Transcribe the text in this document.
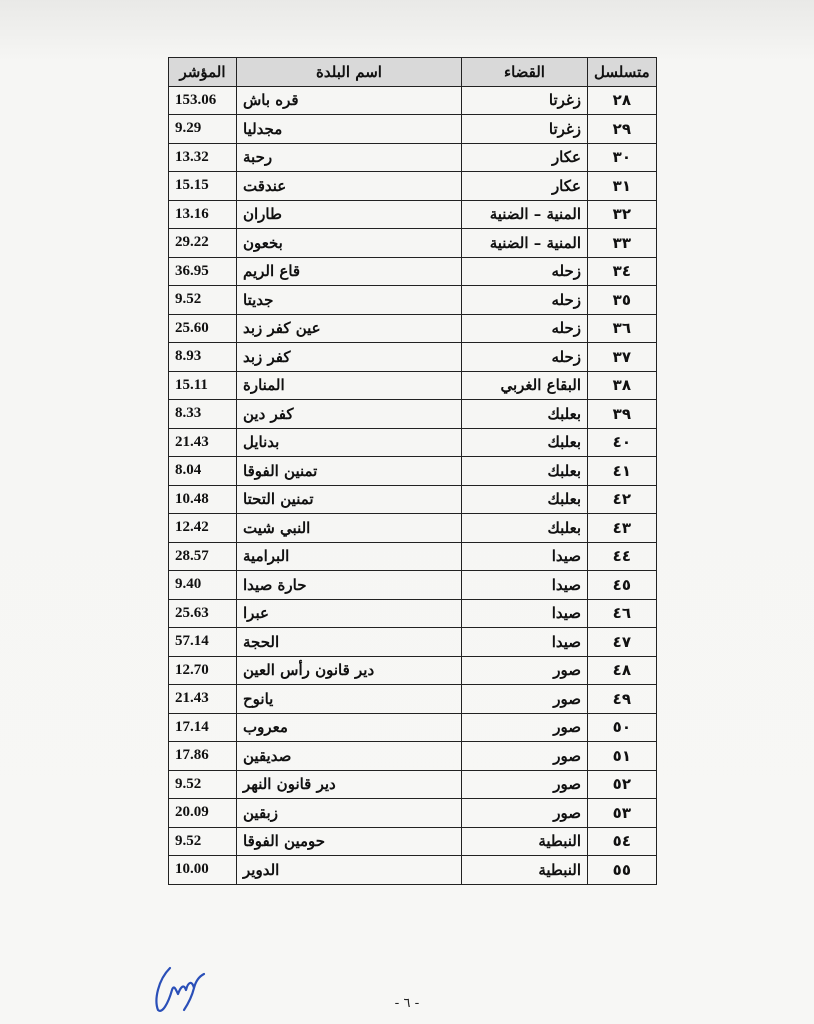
متسلسل	القضاء	اسم البلدة	المؤشر
٢٨	زغرتا	قره باش	153.06
٢٩	زغرتا	مجدليا	9.29
٣٠	عكار	رحبة	13.32
٣١	عكار	عندقت	15.15
٣٢	المنية – الضنية	طاران	13.16
٣٣	المنية – الضنية	بخعون	29.22
٣٤	زحله	قاع الريم	36.95
٣٥	زحله	جديتا	9.52
٣٦	زحله	عين كفر زبد	25.60
٣٧	زحله	كفر زبد	8.93
٣٨	البقاع الغربي	المنارة	15.11
٣٩	بعلبك	كفر دين	8.33
٤٠	بعلبك	بدنايل	21.43
٤١	بعلبك	تمنين الفوقا	8.04
٤٢	بعلبك	تمنين التحتا	10.48
٤٣	بعلبك	النبي شيت	12.42
٤٤	صيدا	البرامية	28.57
٤٥	صيدا	حارة صيدا	9.40
٤٦	صيدا	عبرا	25.63
٤٧	صيدا	الحجة	57.14
٤٨	صور	دير قانون رأس العين	12.70
٤٩	صور	يانوح	21.43
٥٠	صور	معروب	17.14
٥١	صور	صديقين	17.86
٥٢	صور	دير قانون النهر	9.52
٥٣	صور	زبقين	20.09
٥٤	النبطية	حومين الفوقا	9.52
٥٥	النبطية	الدوير	10.00
- ٦ -
